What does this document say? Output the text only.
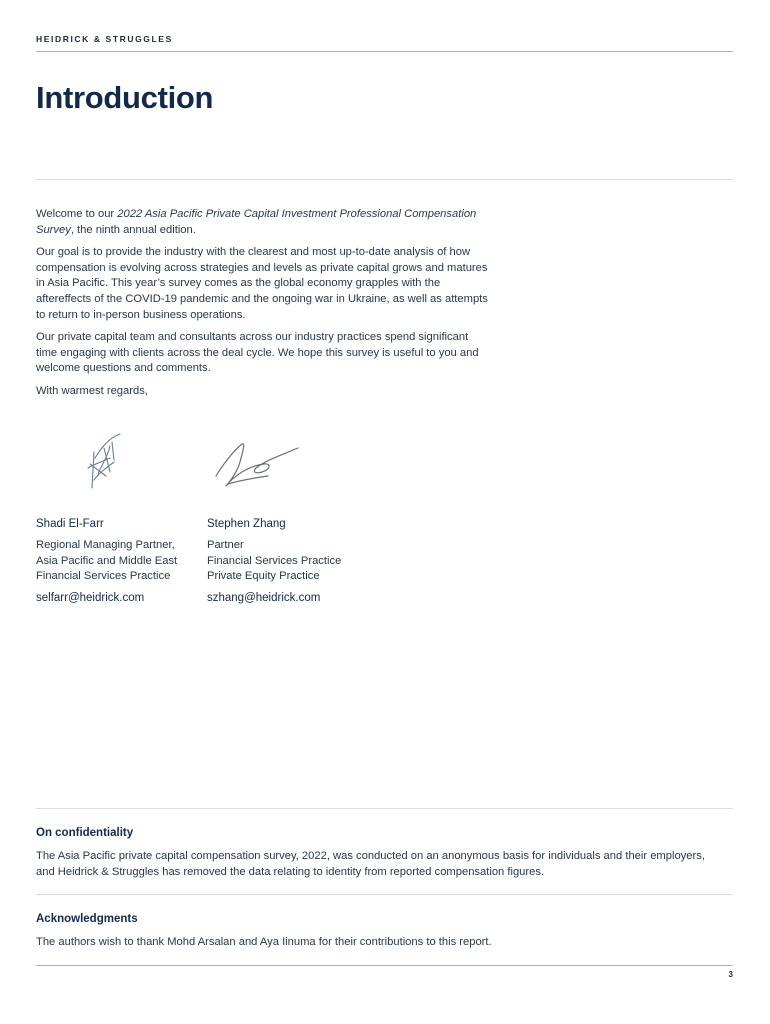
HEIDRICK & STRUGGLES
Introduction

Welcome to our 2022 Asia Pacific Private Capital Investment Professional Compensation Survey, the ninth annual edition.

Our goal is to provide the industry with the clearest and most up-to-date analysis of how compensation is evolving across strategies and levels as private capital grows and matures in Asia Pacific. This year’s survey comes as the global economy grapples with the aftereffects of the COVID-19 pandemic and the ongoing war in Ukraine, as well as attempts to return to in-person business operations.

Our private capital team and consultants across our industry practices spend significant time engaging with clients across the deal cycle. We hope this survey is useful to you and welcome questions and comments.

With warmest regards,

Shadi El-Farr
Regional Managing Partner,
Asia Pacific and Middle East
Financial Services Practice
selfarr@heidrick.com
Stephen Zhang
Partner
Financial Services Practice
Private Equity Practice
szhang@heidrick.com
On confidentiality
The Asia Pacific private capital compensation survey, 2022, was conducted on an anonymous basis for individuals and their employers, and Heidrick & Struggles has removed the data relating to identity from reported compensation figures.
Acknowledgments
The authors wish to thank Mohd Arsalan and Aya Iinuma for their contributions to this report.
3
